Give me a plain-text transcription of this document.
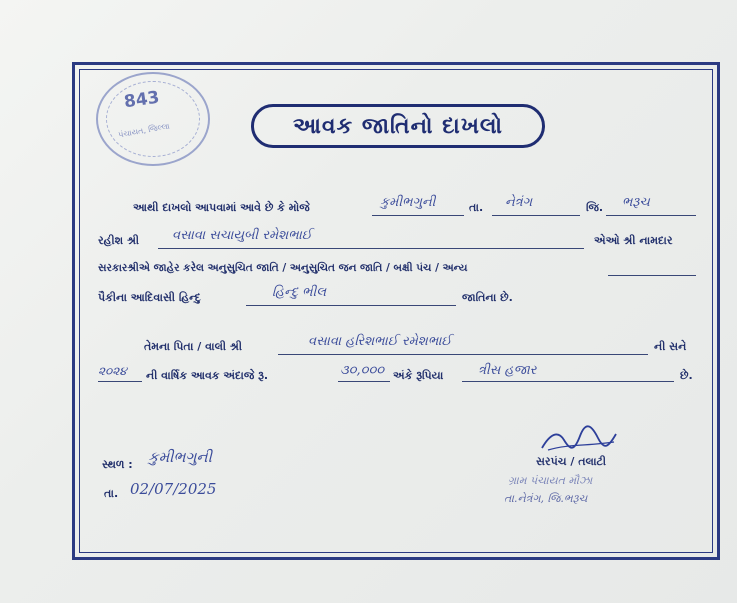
843
પંચાયત, જિલ્લા	આવક જાતિનો દાખલો
આથી દાખલો આપવામાં આવે છે કે મોજે	કુમીભગુની	તા. નેત્રંગ	જિ. ભરૂચ
રહીશ શ્રી	વસાવા સચાયુબી રમેશભાઈ	એઓ શ્રી નામદાર
સરકારશ્રીએ જાહેર કરેલ અનુસુચિત જાતિ / અનુસુચિત જન જાતિ / બક્ષી પંચ / અન્ય
પૈકીના આદિવાસી હિન્દુ	હિન્દુ ભીલ	જાતિના છે.
તેમના પિતા / વાલી શ્રી	વસાવા હરિશભાઈ રમેશભાઈ	ની સને
૨૦૨૪ ની વાર્ષિક આવક અંદાજે રૂ.	૩૦,૦૦૦ અંકે રૂપિયા	ત્રીસ હજાર	છે.
સ્થળ : કુમીભગુની
તા. 02/07/2025
સરપંચ / તલાટી
ગ્રામ પંચાયત મૌઝા
તા.નેત્રંગ, જિ.ભરૂચ
